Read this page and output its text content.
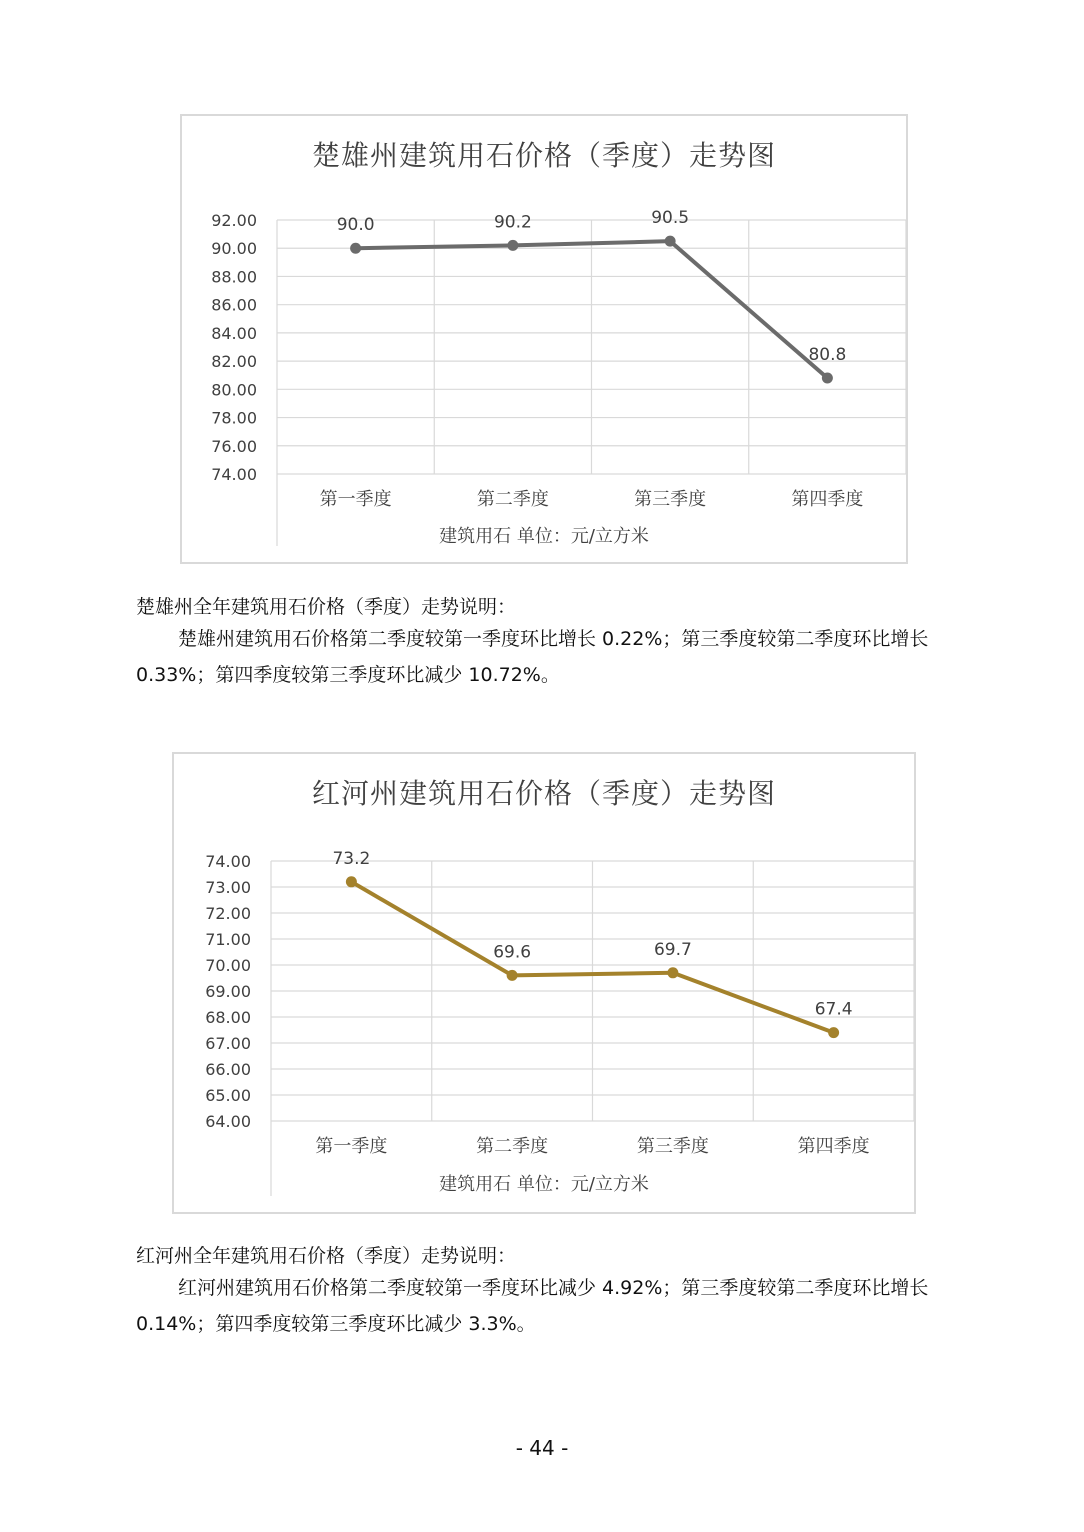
楚雄州建筑用石价格（季度）走势图
92.00
90.00
88.00
86.00
84.00
82.00
80.00
78.00
76.00
74.00
第一季度	第二季度	第三季度	第四季度
90.0	90.2	90.5
80.8
建筑用石 单位：元/立方米
楚雄州全年建筑用石价格（季度）走势说明：
楚雄州建筑用石价格第二季度较第一季度环比增长 0.22%；第三季度较第二季度环比增长 0.33%；第四季度较第三季度环比减少 10.72%。
红河州建筑用石价格（季度）走势图
74.00
73.00
72.00
71.00
70.00
69.00
68.00
67.00
66.00
65.00
64.00
第一季度	第二季度	第三季度	第四季度
73.2
69.6	69.7
67.4
建筑用石 单位：元/立方米
红河州全年建筑用石价格（季度）走势说明：
红河州建筑用石价格第二季度较第一季度环比减少 4.92%；第三季度较第二季度环比增长 0.14%；第四季度较第三季度环比减少 3.3%。
- 44 -
